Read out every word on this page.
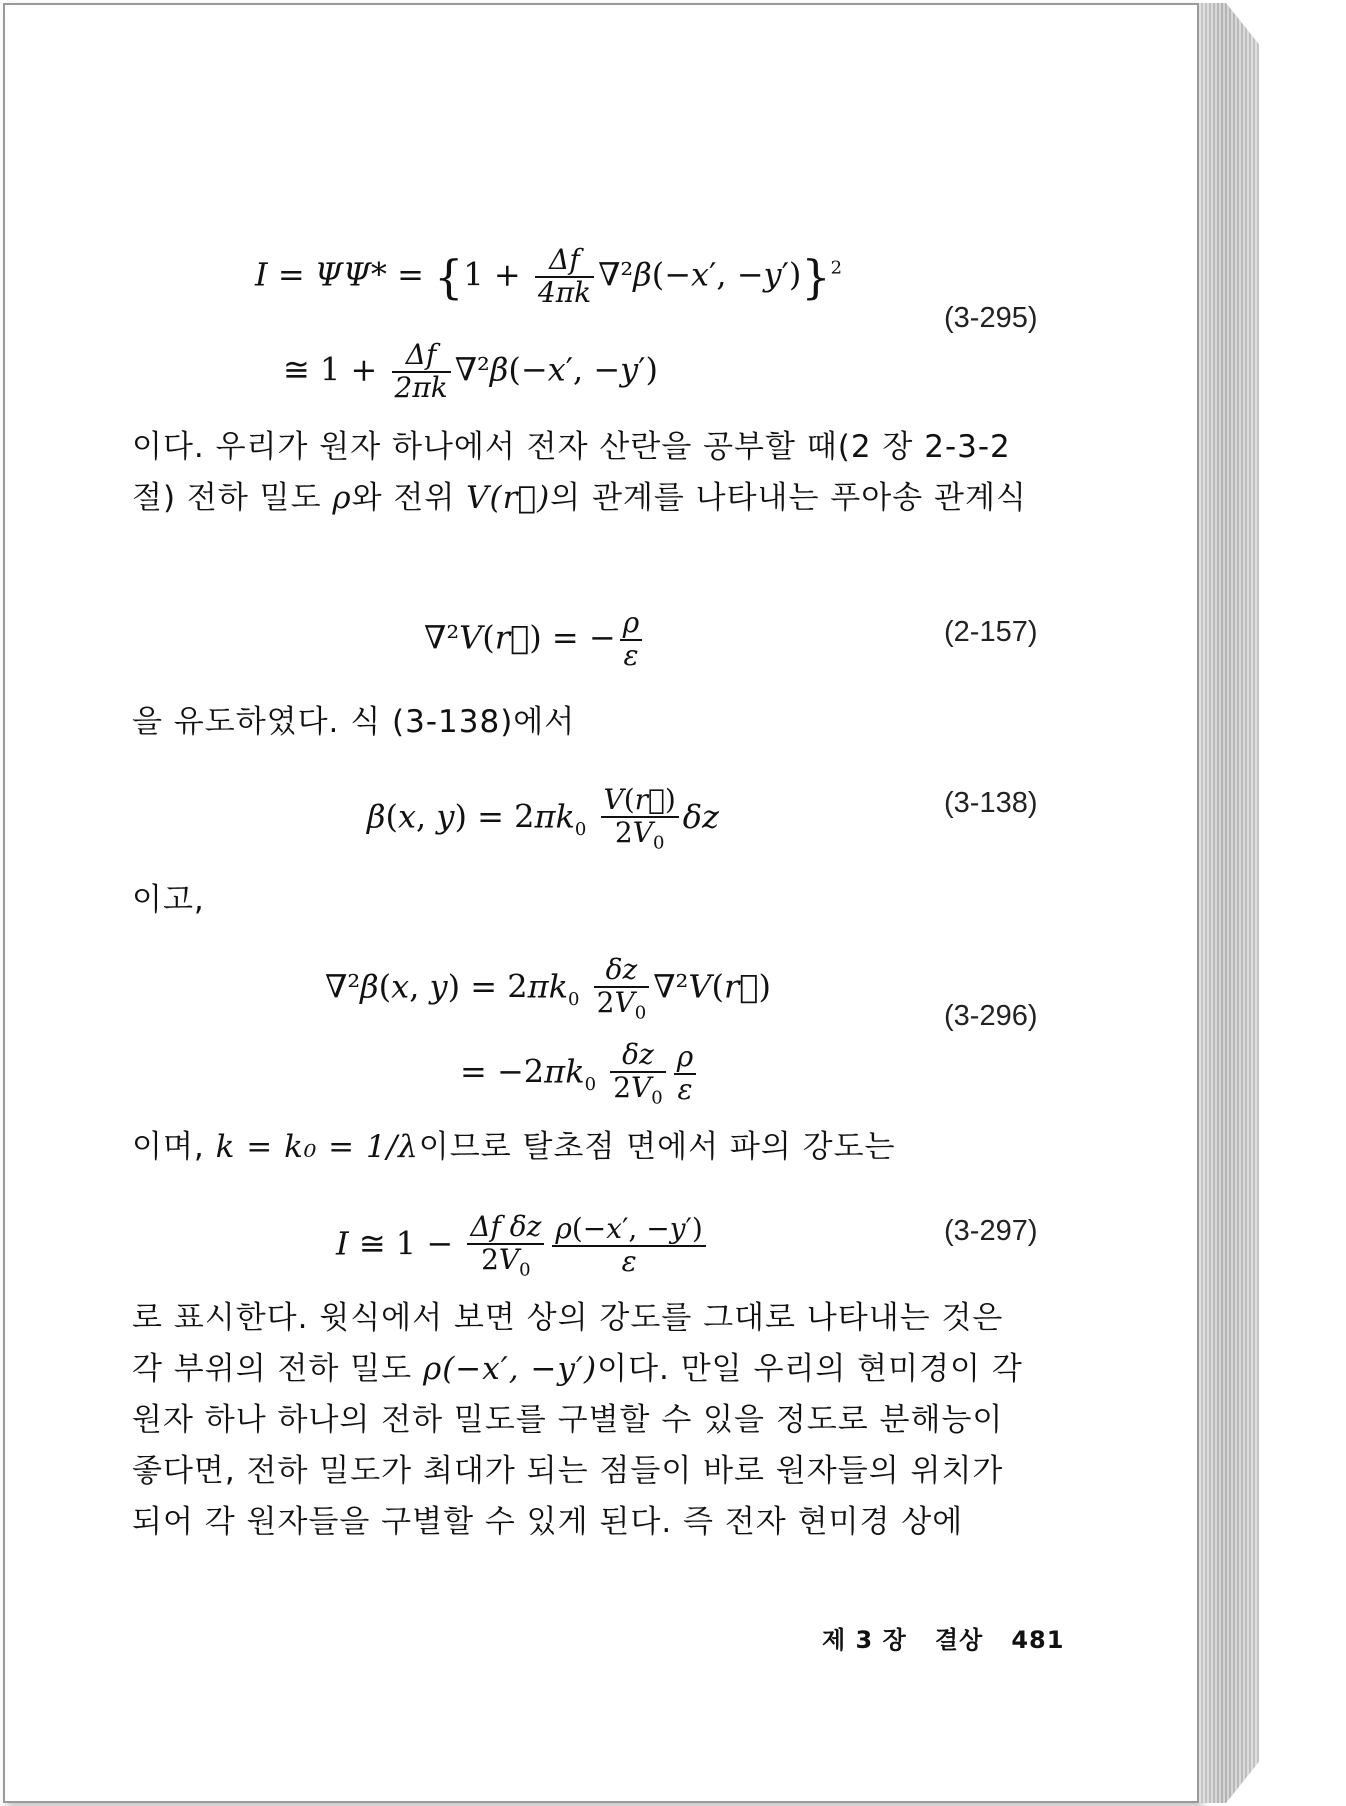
$I = \Psi\Psi* = \{1 + \frac{\Delta f}{4\pi k} \nabla^2\beta(-x'$, −y′)}$^2$
≅ $1 + \frac{\Delta f}{2\pi k} \nabla^2\beta(-x'$, −y′)
(3-295)
이다. 우리가 원자 하나에서 전자 산란을 공부할 때(2 장 2-3-2 절) 전하 밀도 ρ와 전위 V(r⃗)의 관계를 나타내는 푸아송 관계식
∇²V(r⃗) = − $\frac{\rho}{\varepsilon}$	(2-157)
을 유도하였다. 식 (3-138)에서
β(x, $y) = 2\pi k_0 \frac{V(r⃗)}{2V_0}$ δz	(3-138)
이고,
∇²β(x, $y) = 2\pi k_0 \frac{\delta z}{2V_0}$ ∇²V(r⃗)
= $-2\pi k_0 \frac{\delta z}{2V_0} \frac{\rho}{\varepsilon}$
(3-296)
이며, k = k₀ = 1/λ이므로 탈초점 면에서 파의 강도는
I ≅ $1 - \frac{\text{Δf δz}}{2V_0} \frac{\rho(-x', -y')}{\varepsilon}$	(3-297)
로 표시한다. 윗식에서 보면 상의 강도를 그대로 나타내는 것은 각 부위의 전하 밀도 ρ(−x′, −y′)이다. 만일 우리의 현미경이 각 원자 하나 하나의 전하 밀도를 구별할 수 있을 정도로 분해능이 좋다면, 전하 밀도가 최대가 되는 점들이 바로 원자들의 위치가 되어 각 원자들을 구별할 수 있게 된다. 즉 전자 현미경 상에
제 3 장 결상 481
